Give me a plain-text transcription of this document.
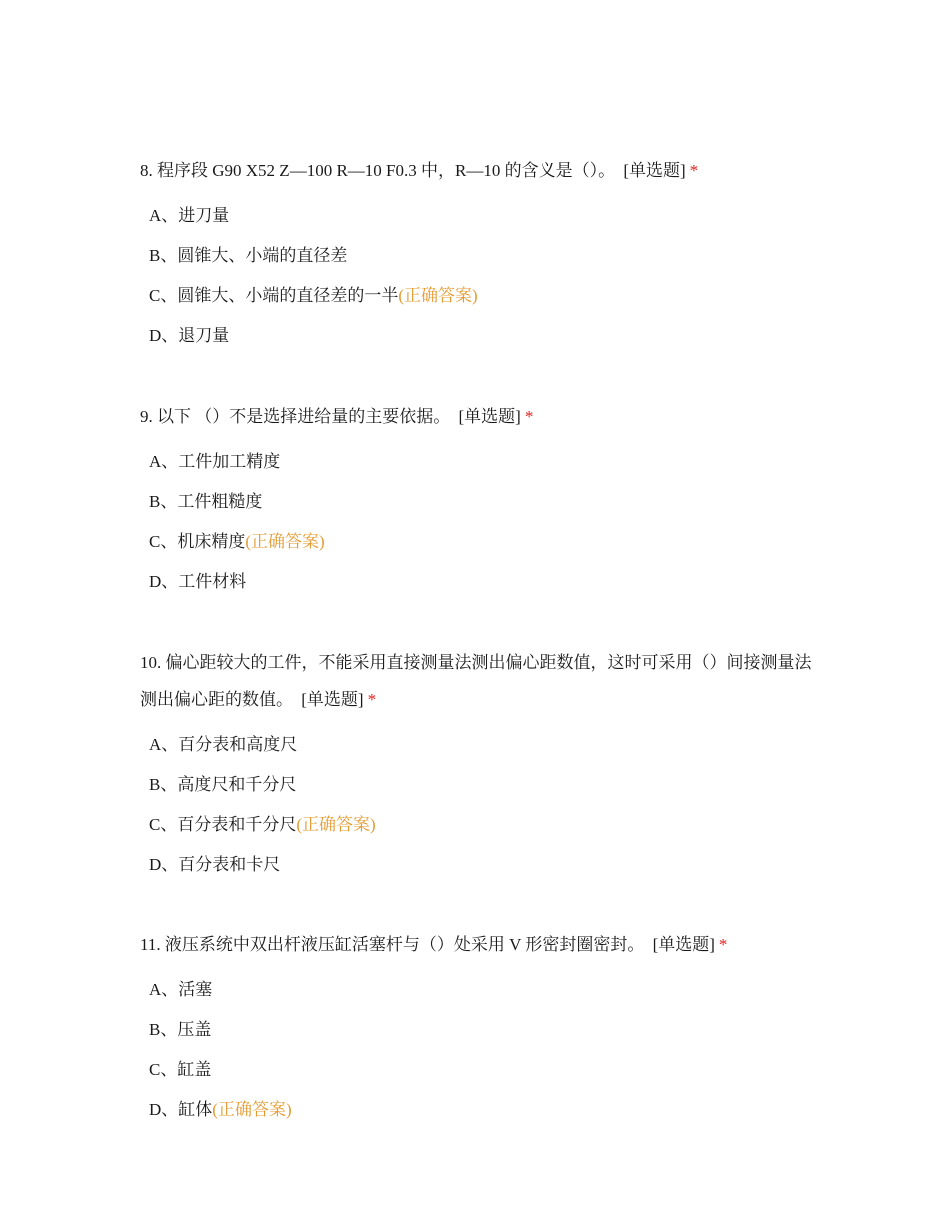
8. 程序段 G90 X52 Z—100 R—10 F0.3 中，R—10 的含义是（）。 [单选题] *

A、进刀量
B、圆锥大、小端的直径差
C、圆锥大、小端的直径差的一半(正确答案)
D、退刀量

9. 以下 （）不是选择进给量的主要依据。 [单选题] *

A、工件加工精度
B、工件粗糙度
C、机床精度(正确答案)
D、工件材料

10. 偏心距较大的工件，不能采用直接测量法测出偏心距数值，这时可采用（）间接测量法测出偏心距的数值。 [单选题] *

A、百分表和高度尺
B、高度尺和千分尺
C、百分表和千分尺(正确答案)
D、百分表和卡尺

11. 液压系统中双出杆液压缸活塞杆与（）处采用 V 形密封圈密封。 [单选题] *

A、活塞
B、压盖
C、缸盖
D、缸体(正确答案)
